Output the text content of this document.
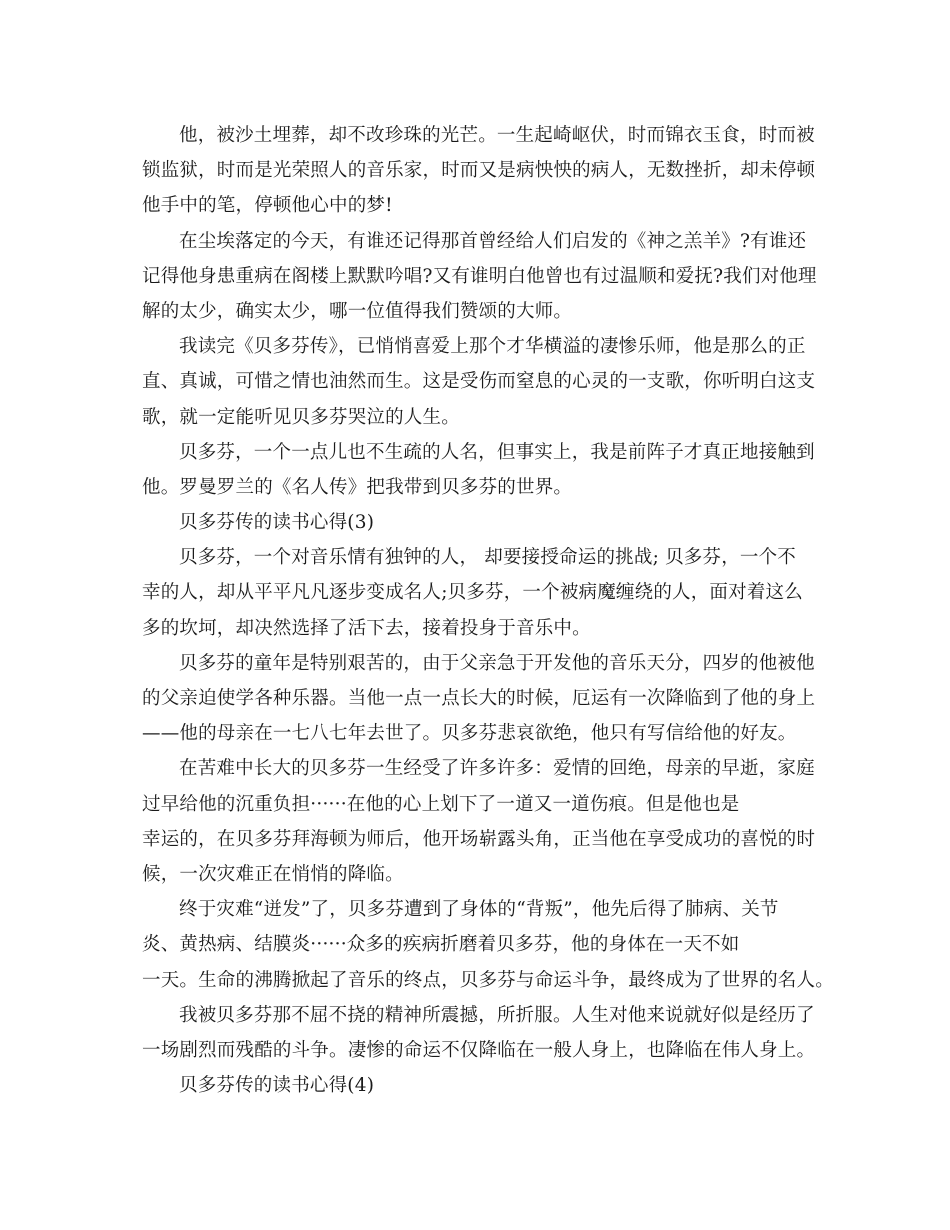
他，被沙土埋葬，却不改珍珠的光芒。一生起崎岖伏，时而锦衣玉食，时而被
锁监狱，时而是光荣照人的音乐家，时而又是病怏怏的病人，无数挫折，却未停顿
他手中的笔，停顿他心中的梦!
在尘埃落定的今天，有谁还记得那首曾经给人们启发的《神之羔羊》?有谁还
记得他身患重病在阁楼上默默吟唱?又有谁明白他曾也有过温顺和爱抚?我们对他理
解的太少，确实太少，哪一位值得我们赞颂的大师。
我读完《贝多芬传》，已悄悄喜爱上那个才华横溢的凄惨乐师，他是那么的正
直、真诚，可惜之情也油然而生。这是受伤而窒息的心灵的一支歌，你听明白这支
歌，就一定能听见贝多芬哭泣的人生。
贝多芬，一个一点儿也不生疏的人名，但事实上，我是前阵子才真正地接触到
他。罗曼罗兰的《名人传》把我带到贝多芬的世界。
贝多芬传的读书心得(3)
贝多芬，一个对音乐情有独钟的人， 却要接授命运的挑战; 贝多芬，一个不
幸的人，却从平平凡凡逐步变成名人;贝多芬，一个被病魔缠绕的人，面对着这么
多的坎坷，却决然选择了活下去，接着投身于音乐中。
贝多芬的童年是特别艰苦的，由于父亲急于开发他的音乐天分，四岁的他被他
的父亲迫使学各种乐器。当他一点一点长大的时候，厄运有一次降临到了他的身上
——他的母亲在一七八七年去世了。贝多芬悲哀欲绝，他只有写信给他的好友。
在苦难中长大的贝多芬一生经受了许多许多：爱情的回绝，母亲的早逝，家庭
过早给他的沉重负担······在他的心上划下了一道又一道伤痕。但是他也是
幸运的，在贝多芬拜海顿为师后，他开场崭露头角，正当他在享受成功的喜悦的时
候，一次灾难正在悄悄的降临。
终于灾难“迸发”了，贝多芬遭到了身体的“背叛”，他先后得了肺病、关节
炎、黄热病、结膜炎······众多的疾病折磨着贝多芬，他的身体在一天不如
一天。生命的沸腾掀起了音乐的终点，贝多芬与命运斗争，最终成为了世界的名人。
我被贝多芬那不屈不挠的精神所震撼，所折服。人生对他来说就好似是经历了
一场剧烈而残酷的斗争。凄惨的命运不仅降临在一般人身上，也降临在伟人身上。
贝多芬传的读书心得(4)
